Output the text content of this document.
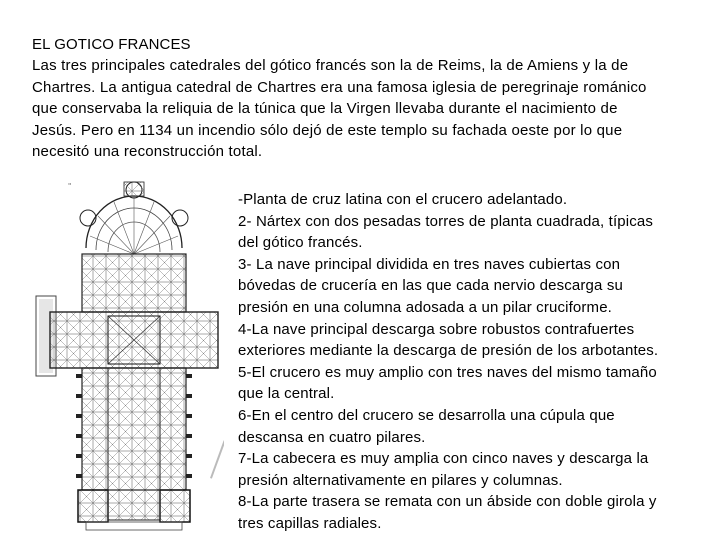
EL GOTICO FRANCES
Las tres principales catedrales del gótico francés son la de Reims, la de Amiens y la de
Chartres. La antigua catedral de Chartres era una famosa iglesia de peregrinaje románico
que conservaba la reliquia de la túnica que la Virgen llevaba durante el nacimiento de
Jesús. Pero en 1134 un incendio sólo dejó de este templo su fachada oeste por lo que
necesitó una reconstrucción total.
"
-Planta de cruz latina con el crucero adelantado.
2- Nártex con dos pesadas torres de planta cuadrada, típicas
del gótico francés.
3- La nave principal dividida en tres naves cubiertas con
bóvedas de crucería en las que cada nervio descarga su
presión en una columna adosada a un pilar cruciforme.
4-La nave principal descarga sobre robustos contrafuertes
exteriores mediante la descarga de presión de los arbotantes.
5-El crucero es muy amplio con tres naves del mismo tamaño
que la central.
6-En el centro del crucero se desarrolla una cúpula que
descansa en cuatro pilares.
7-La cabecera es muy amplia con cinco naves y descarga la
presión alternativamente en pilares y columnas.
8-La parte trasera se remata con un ábside con doble girola y
tres capillas radiales.
